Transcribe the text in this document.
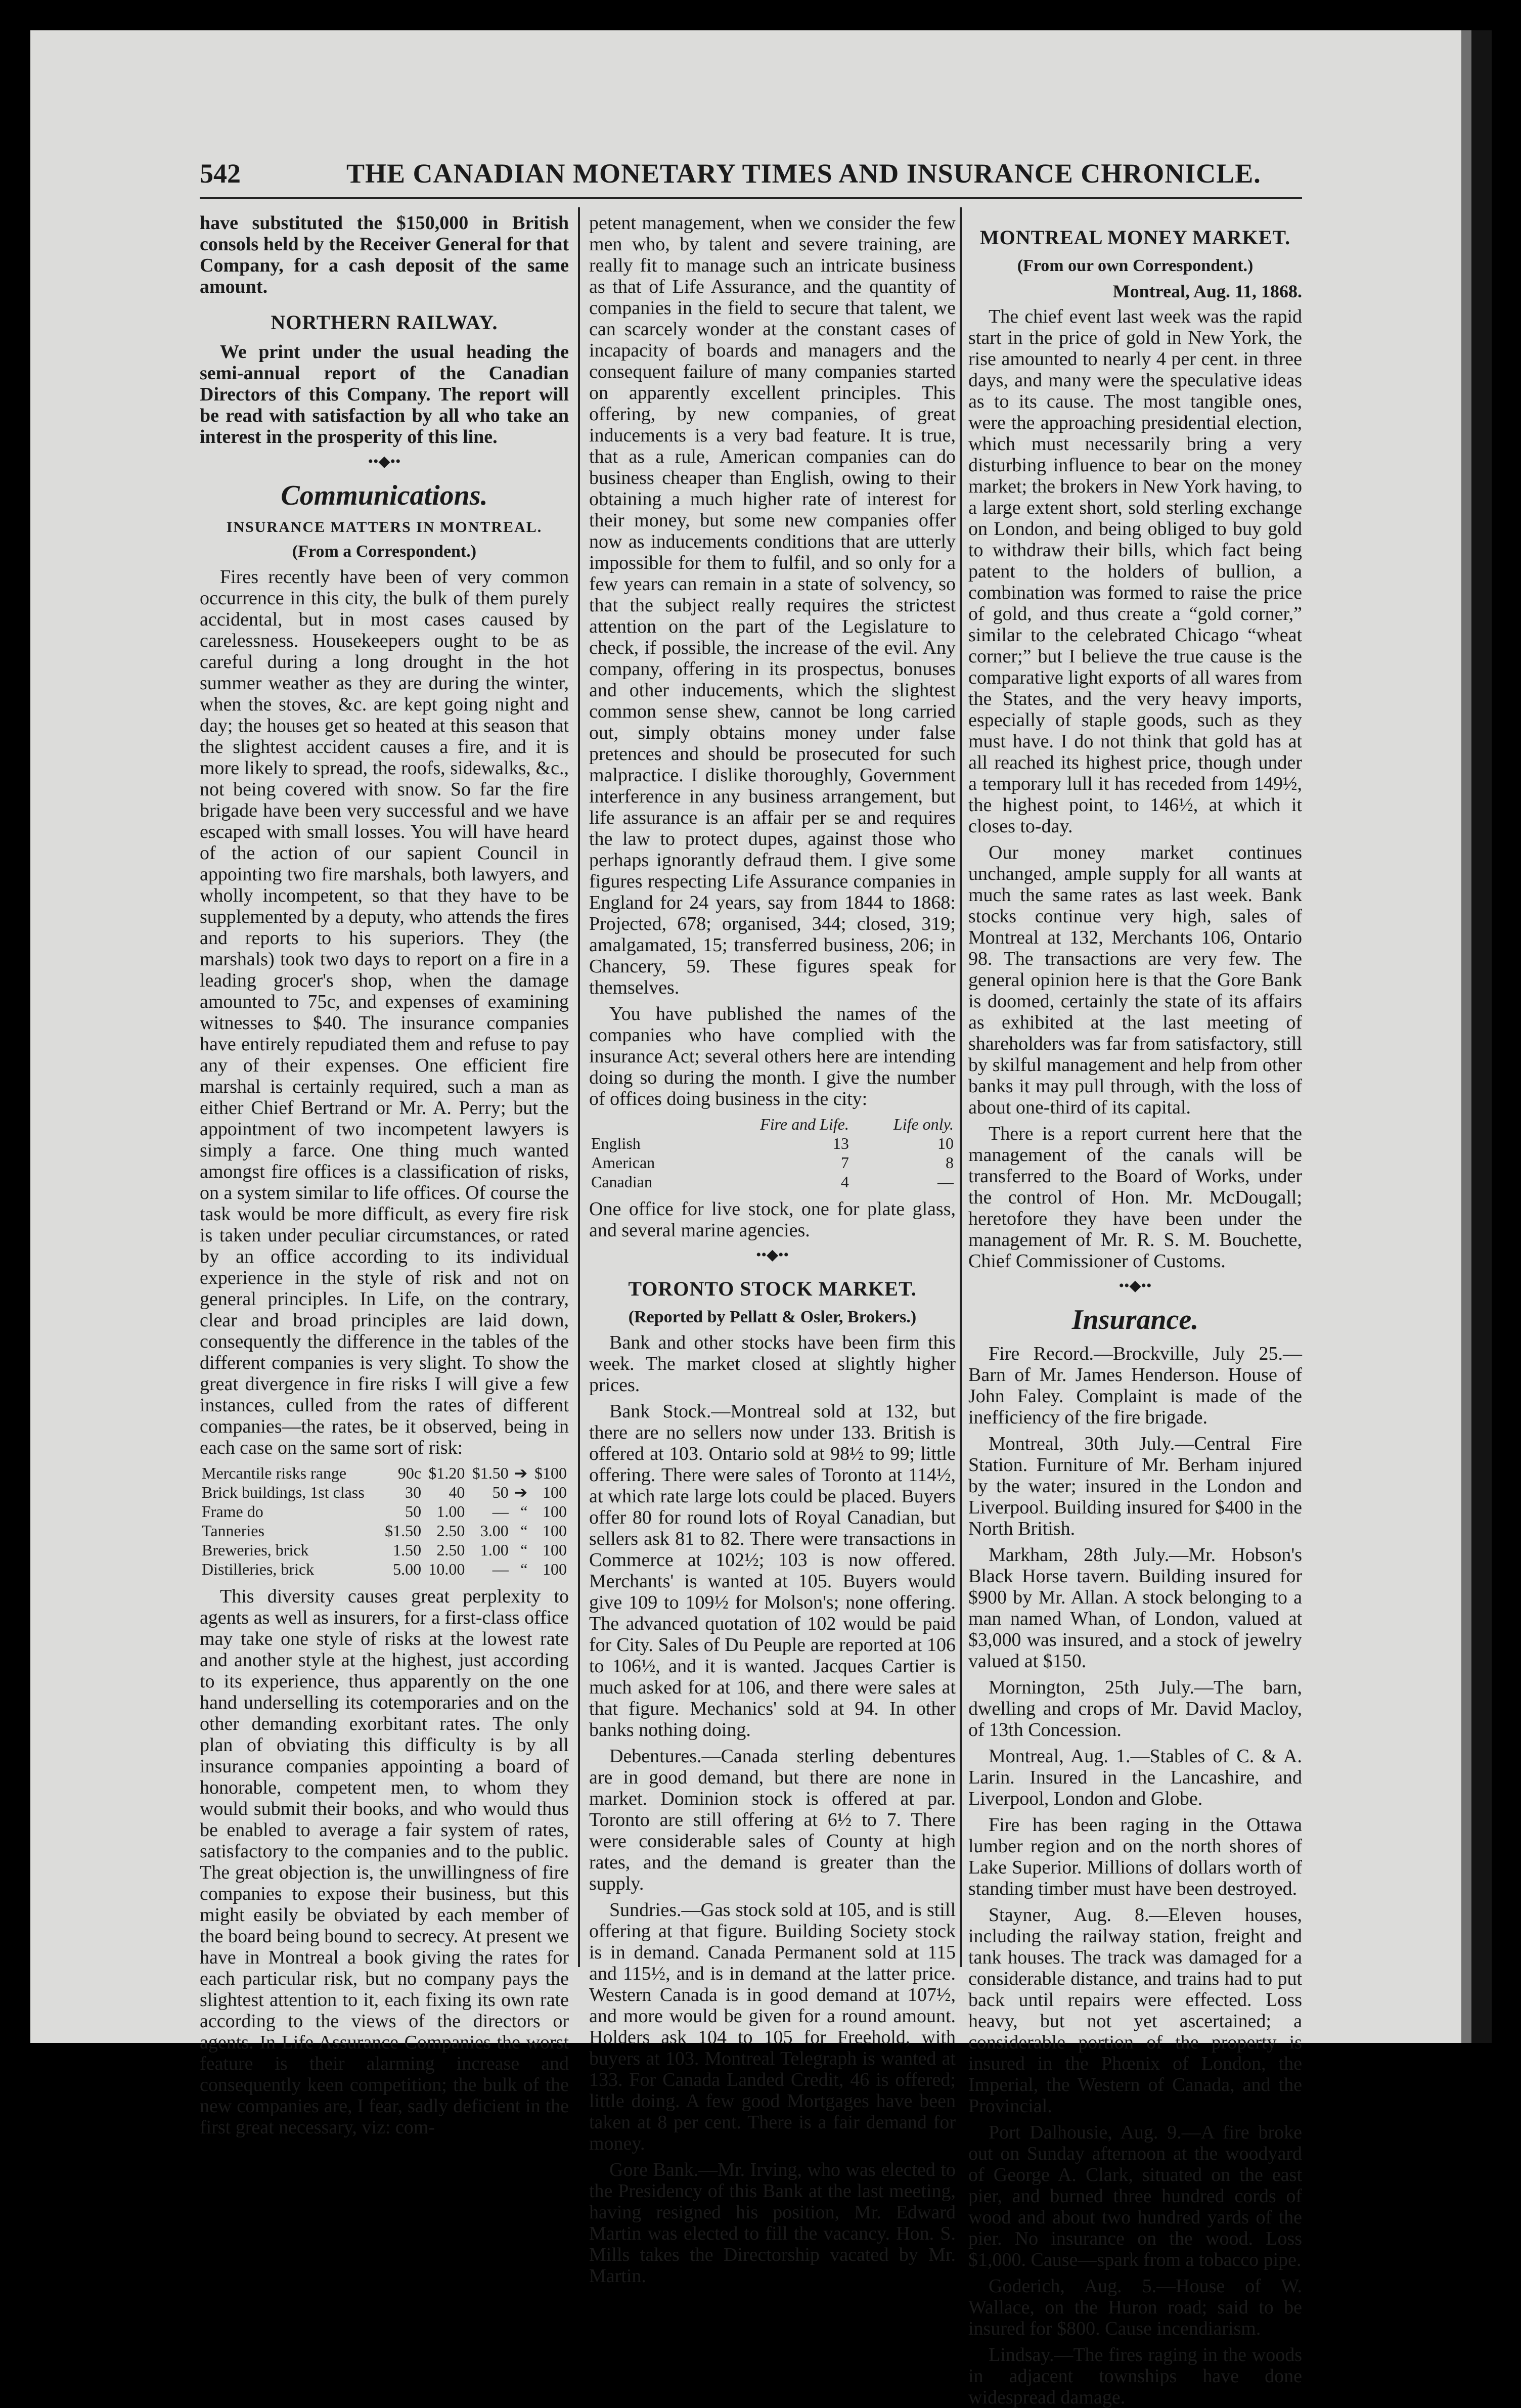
542	THE CANADIAN MONETARY TIMES AND INSURANCE CHRONICLE.

have substituted the $150,000 in British consols held by the Receiver General for that Company, for a cash deposit of the same amount.

NORTHERN RAILWAY.

We print under the usual heading the semi-annual report of the Canadian Directors of this Company. The report will be read with satisfaction by all who take an interest in the prosperity of this line.

••◆••
Communications.
INSURANCE MATTERS IN MONTREAL.
(From a Correspondent.)

Fires recently have been of very common occurrence in this city, the bulk of them purely accidental, but in most cases caused by carelessness. Housekeepers ought to be as careful during a long drought in the hot summer weather as they are during the winter, when the stoves, &c. are kept going night and day; the houses get so heated at this season that the slightest accident causes a fire, and it is more likely to spread, the roofs, sidewalks, &c., not being covered with snow. So far the fire brigade have been very successful and we have escaped with small losses. You will have heard of the action of our sapient Council in appointing two fire marshals, both lawyers, and wholly incompetent, so that they have to be supplemented by a deputy, who attends the fires and reports to his superiors. They (the marshals) took two days to report on a fire in a leading grocer's shop, when the damage amounted to 75c, and expenses of examining witnesses to $40. The insurance companies have entirely repudiated them and refuse to pay any of their expenses. One efficient fire marshal is certainly required, such a man as either Chief Bertrand or Mr. A. Perry; but the appointment of two incompetent lawyers is simply a farce. One thing much wanted amongst fire offices is a classification of risks, on a system similar to life offices. Of course the task would be more difficult, as every fire risk is taken under peculiar circumstances, or rated by an office according to its individual experience in the style of risk and not on general principles. In Life, on the contrary, clear and broad principles are laid down, consequently the difference in the tables of the different companies is very slight. To show the great divergence in fire risks I will give a few instances, culled from the rates of different companies—the rates, be it observed, being in each case on the same sort of risk:

Mercantile risks range	90c	$1.20	$1.50	➔	$100
Brick buildings, 1st class	30	40	50	➔	100
Frame do	50	1.00	—	“	100
Tanneries	$1.50	2.50	3.00	“	100
Breweries, brick	1.50	2.50	1.00	“	100
Distilleries, brick	5.00	10.00	—	“	100

This diversity causes great perplexity to agents as well as insurers, for a first-class office may take one style of risks at the lowest rate and another style at the highest, just according to its experience, thus apparently on the one hand underselling its cotemporaries and on the other demanding exorbitant rates. The only plan of obviating this difficulty is by all insurance companies appointing a board of honorable, competent men, to whom they would submit their books, and who would thus be enabled to average a fair system of rates, satisfactory to the companies and to the public. The great objection is, the unwillingness of fire companies to expose their business, but this might easily be obviated by each member of the board being bound to secrecy. At present we have in Montreal a book giving the rates for each particular risk, but no company pays the slightest attention to it, each fixing its own rate according to the views of the directors or agents. In Life Assurance Companies the worst feature is their alarming increase and consequently keen competition; the bulk of the new companies are, I fear, sadly deficient in the first great necessary, viz: com-

petent management, when we consider the few men who, by talent and severe training, are really fit to manage such an intricate business as that of Life Assurance, and the quantity of companies in the field to secure that talent, we can scarcely wonder at the constant cases of incapacity of boards and managers and the consequent failure of many companies started on apparently excellent principles. This offering, by new companies, of great inducements is a very bad feature. It is true, that as a rule, American companies can do business cheaper than English, owing to their obtaining a much higher rate of interest for their money, but some new companies offer now as inducements conditions that are utterly impossible for them to fulfil, and so only for a few years can remain in a state of solvency, so that the subject really requires the strictest attention on the part of the Legislature to check, if possible, the increase of the evil. Any company, offering in its prospectus, bonuses and other inducements, which the slightest common sense shew, cannot be long carried out, simply obtains money under false pretences and should be prosecuted for such malpractice. I dislike thoroughly, Government interference in any business arrangement, but life assurance is an affair per se and requires the law to protect dupes, against those who perhaps ignorantly defraud them. I give some figures respecting Life Assurance companies in England for 24 years, say from 1844 to 1868: Projected, 678; organised, 344; closed, 319; amalgamated, 15; transferred business, 206; in Chancery, 59. These figures speak for themselves.

You have published the names of the companies who have complied with the insurance Act; several others here are intending doing so during the month. I give the number of offices doing business in the city:

	Fire and Life.	Life only.
English	13	10
American	7	8
Canadian	4	—

One office for live stock, one for plate glass, and several marine agencies.

••◆••
TORONTO STOCK MARKET.
(Reported by Pellatt & Osler, Brokers.)

Bank and other stocks have been firm this week. The market closed at slightly higher prices.

Bank Stock.—Montreal sold at 132, but there are no sellers now under 133. British is offered at 103. Ontario sold at 98½ to 99; little offering. There were sales of Toronto at 114½, at which rate large lots could be placed. Buyers offer 80 for round lots of Royal Canadian, but sellers ask 81 to 82. There were transactions in Commerce at 102½; 103 is now offered. Merchants' is wanted at 105. Buyers would give 109 to 109½ for Molson's; none offering. The advanced quotation of 102 would be paid for City. Sales of Du Peuple are reported at 106 to 106½, and it is wanted. Jacques Cartier is much asked for at 106, and there were sales at that figure. Mechanics' sold at 94. In other banks nothing doing.

Debentures.—Canada sterling debentures are in good demand, but there are none in market. Dominion stock is offered at par. Toronto are still offering at 6½ to 7. There were considerable sales of County at high rates, and the demand is greater than the supply.

Sundries.—Gas stock sold at 105, and is still offering at that figure. Building Society stock is in demand. Canada Permanent sold at 115 and 115½, and is in demand at the latter price. Western Canada is in good demand at 107½, and more would be given for a round amount. Holders ask 104 to 105 for Freehold, with buyers at 103. Montreal Telegraph is wanted at 133. For Canada Landed Credit, 46 is offered; little doing. A few good Mortgages have been taken at 8 per cent. There is a fair demand for money.

Gore Bank.—Mr. Irving, who was elected to the Presidency of this Bank at the last meeting, having resigned his position, Mr. Edward Martin was elected to fill the vacancy. Hon. S. Mills takes the Directorship vacated by Mr. Martin.

MONTREAL MONEY MARKET.
(From our own Correspondent.)
Montreal, Aug. 11, 1868.

The chief event last week was the rapid start in the price of gold in New York, the rise amounted to nearly 4 per cent. in three days, and many were the speculative ideas as to its cause. The most tangible ones, were the approaching presidential election, which must necessarily bring a very disturbing influence to bear on the money market; the brokers in New York having, to a large extent short, sold sterling exchange on London, and being obliged to buy gold to withdraw their bills, which fact being patent to the holders of bullion, a combination was formed to raise the price of gold, and thus create a “gold corner,” similar to the celebrated Chicago “wheat corner;” but I believe the true cause is the comparative light exports of all wares from the States, and the very heavy imports, especially of staple goods, such as they must have. I do not think that gold has at all reached its highest price, though under a temporary lull it has receded from 149½, the highest point, to 146½, at which it closes to-day.

Our money market continues unchanged, ample supply for all wants at much the same rates as last week. Bank stocks continue very high, sales of Montreal at 132, Merchants 106, Ontario 98. The transactions are very few. The general opinion here is that the Gore Bank is doomed, certainly the state of its affairs as exhibited at the last meeting of shareholders was far from satisfactory, still by skilful management and help from other banks it may pull through, with the loss of about one-third of its capital.

There is a report current here that the management of the canals will be transferred to the Board of Works, under the control of Hon. Mr. McDougall; heretofore they have been under the management of Mr. R. S. M. Bouchette, Chief Commissioner of Customs.

••◆••
Insurance.

Fire Record.—Brockville, July 25.—Barn of Mr. James Henderson. House of John Faley. Complaint is made of the inefficiency of the fire brigade.

Montreal, 30th July.—Central Fire Station. Furniture of Mr. Berham injured by the water; insured in the London and Liverpool. Building insured for $400 in the North British.

Markham, 28th July.—Mr. Hobson's Black Horse tavern. Building insured for $900 by Mr. Allan. A stock belonging to a man named Whan, of London, valued at $3,000 was insured, and a stock of jewelry valued at $150.

Mornington, 25th July.—The barn, dwelling and crops of Mr. David Macloy, of 13th Concession.

Montreal, Aug. 1.—Stables of C. & A. Larin. Insured in the Lancashire, and Liverpool, London and Globe.

Fire has been raging in the Ottawa lumber region and on the north shores of Lake Superior. Millions of dollars worth of standing timber must have been destroyed.

Stayner, Aug. 8.—Eleven houses, including the railway station, freight and tank houses. The track was damaged for a considerable distance, and trains had to put back until repairs were effected. Loss heavy, but not yet ascertained; a considerable portion of the property is insured in the Phœnix of London, the Imperial, the Western of Canada, and the Provincial.

Port Dalhousie, Aug. 9.—A fire broke out on Sunday afternoon at the woodyard of George A. Clark, situated on the east pier, and burned three hundred cords of wood and about two hundred yards of the pier. No insurance on the wood. Loss $1,000. Cause—spark from a tobacco pipe.

Goderich, Aug. 5.—House of W. Wallace, on the Huron road; said to be insured for $800. Cause incendiarism.

Lindsay.—The fires raging in the woods in adjacent townships have done widespread damage.
